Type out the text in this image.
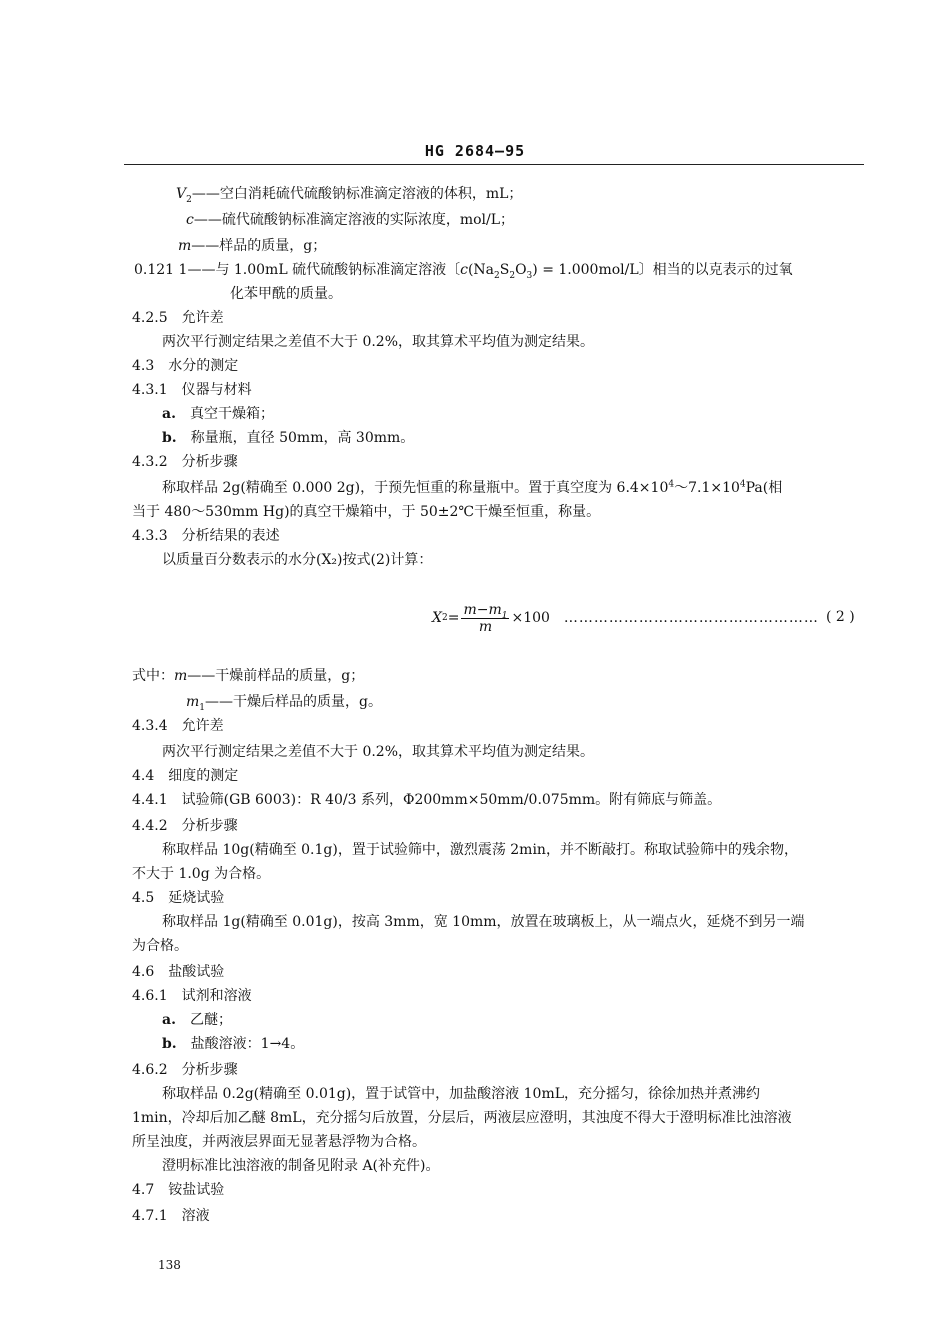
HG 2684—95
$V_2——$空白消耗硫代硫酸钠标准滴定溶液的体积，mL；
c——硫代硫酸钠标准滴定溶液的实际浓度，mol/L；
m——样品的质量，g；
0.121 1——与 1.00mL 硫代硫酸钠标准滴定溶液〔$c(Na_2S_2O_3) = 1.000mol/L$〕相当的以克表示的过氧
化苯甲酰的质量。
4.2.5　允许差
两次平行测定结果之差值不大于 0.2%，取其算术平均值为测定结果。
4.3　水分的测定
4.3.1　仪器与材料
a.　 真空干燥箱；
b.　 称量瓶，直径 50mm，高 30mm。
4.3.2　分析步骤
称取样品 2g(精确至 0.000 2g)，于预先恒重的称量瓶中。置于真空度为 $6.4\times 10^4\sim 7.1\times 10^4Pa$(相
当于 480～530mm Hg)的真空干燥箱中，于 50±2℃干燥至恒重，称量。
4.3.3　分析结果的表述
以质量百分数表示的水分(X₂)按式(2)计算：
X $2 = \frac{m-m_1}{m} \times 100$ …………………………………………… ( 2 )
式中：m——干燥前样品的质量，g；
$m_1——$干燥后样品的质量，g。
4.3.4　允许差
两次平行测定结果之差值不大于 0.2%，取其算术平均值为测定结果。
4.4　细度的测定
4.4.1　试验筛(GB 6003)：R 40/3 系列，Φ200mm×50mm/0.075mm。附有筛底与筛盖。
4.4.2　分析步骤
称取样品 10g(精确至 0.1g)，置于试验筛中，激烈震荡 2min，并不断敲打。称取试验筛中的残余物，
不大于 1.0g 为合格。
4.5　延烧试验
称取样品 1g(精确至 0.01g)，按高 3mm，宽 10mm，放置在玻璃板上，从一端点火，延烧不到另一端
为合格。
4.6　盐酸试验
4.6.1　试剂和溶液
a.　 乙醚；
b.　 盐酸溶液：1→4。
4.6.2　分析步骤
称取样品 0.2g(精确至 0.01g)，置于试管中，加盐酸溶液 10mL，充分摇匀，徐徐加热并煮沸约
1min，冷却后加乙醚 8mL，充分摇匀后放置，分层后，两液层应澄明，其浊度不得大于澄明标准比浊溶液
所呈浊度，并两液层界面无显著悬浮物为合格。
澄明标准比浊溶液的制备见附录 A(补充件)。
4.7　铵盐试验
4.7.1　溶液
138
